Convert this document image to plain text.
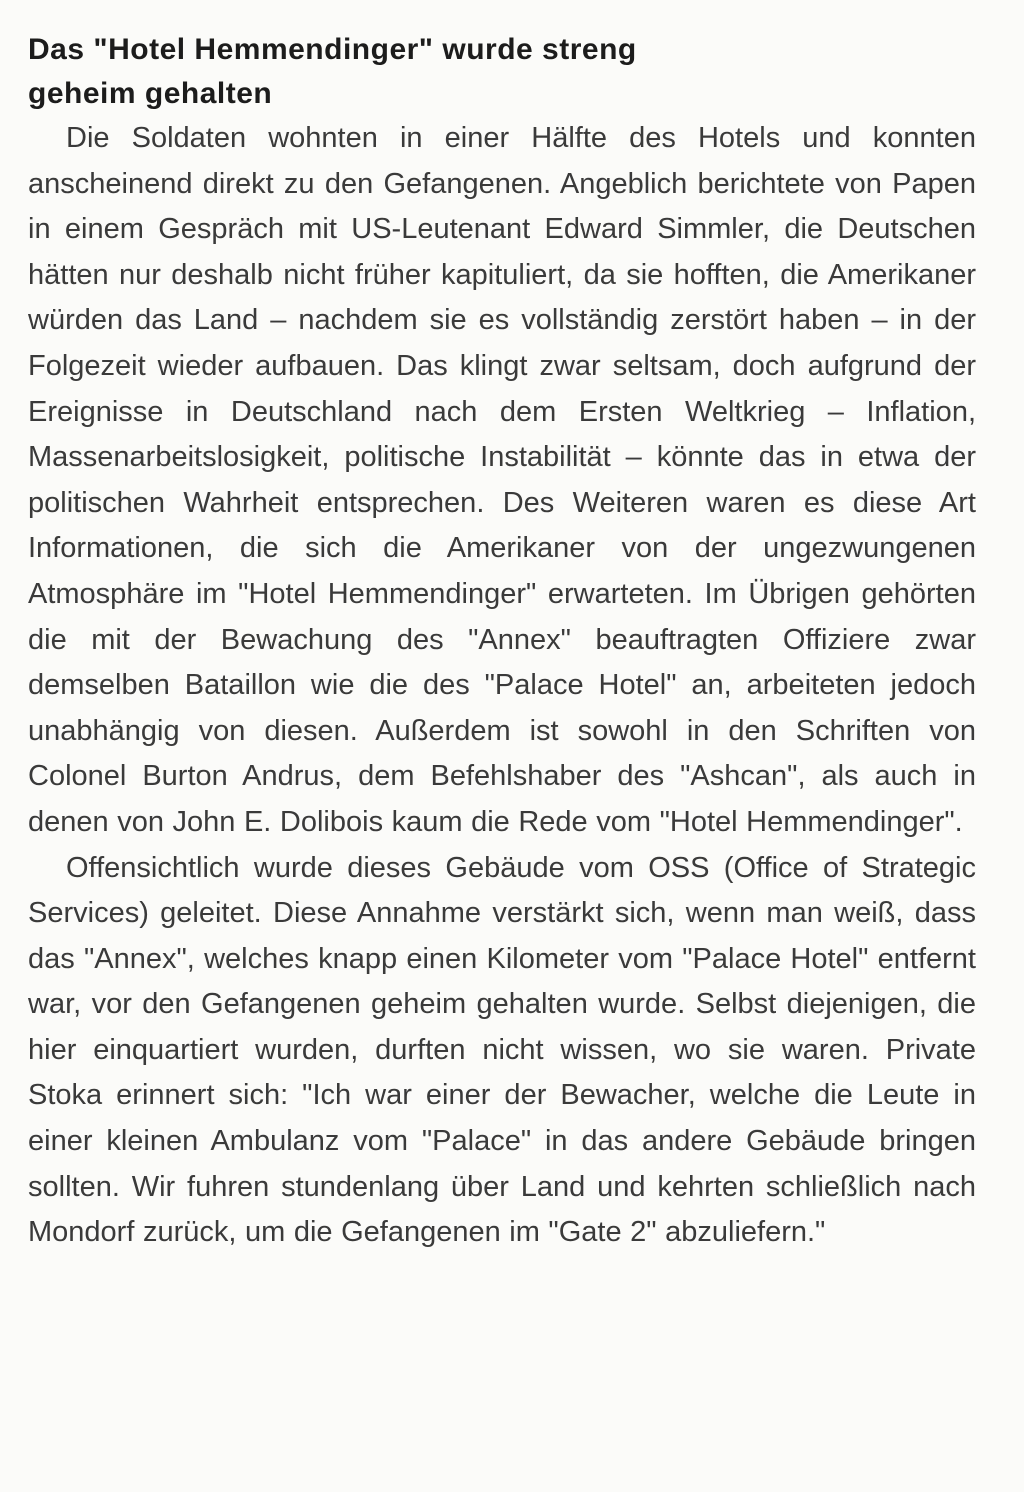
Das "Hotel Hemmendinger" wurde streng geheim gehalten

Die Soldaten wohnten in einer Hälfte des Hotels und konnten anscheinend direkt zu den Gefangenen. Angeblich berichtete von Papen in einem Gespräch mit US-Leutenant Edward Simmler, die Deutschen hätten nur deshalb nicht früher kapituliert, da sie hofften, die Amerikaner würden das Land – nachdem sie es vollständig zerstört haben – in der Folgezeit wieder aufbauen. Das klingt zwar seltsam, doch aufgrund der Ereignisse in Deutschland nach dem Ersten Weltkrieg – Inflation, Massenarbeitslosigkeit, politische Instabilität – könnte das in etwa der politischen Wahrheit entsprechen. Des Weiteren waren es diese Art Informationen, die sich die Amerikaner von der ungezwungenen Atmosphäre im "Hotel Hemmendinger" erwarteten. Im Übrigen gehörten die mit der Bewachung des "Annex" beauftragten Offiziere zwar demselben Bataillon wie die des "Palace Hotel" an, arbeiteten jedoch unabhängig von diesen. Außerdem ist sowohl in den Schriften von Colonel Burton Andrus, dem Befehlshaber des "Ashcan", als auch in denen von John E. Dolibois kaum die Rede vom "Hotel Hemmendinger".

Offensichtlich wurde dieses Gebäude vom OSS (Office of Strategic Services) geleitet. Diese Annahme verstärkt sich, wenn man weiß, dass das "Annex", welches knapp einen Kilometer vom "Palace Hotel" entfernt war, vor den Gefangenen geheim gehalten wurde. Selbst diejenigen, die hier einquartiert wurden, durften nicht wissen, wo sie waren. Private Stoka erinnert sich: "Ich war einer der Bewacher, welche die Leute in einer kleinen Ambulanz vom "Palace" in das andere Gebäude bringen sollten. Wir fuhren stundenlang über Land und kehrten schließlich nach Mondorf zurück, um die Gefangenen im "Gate 2" abzuliefern."
